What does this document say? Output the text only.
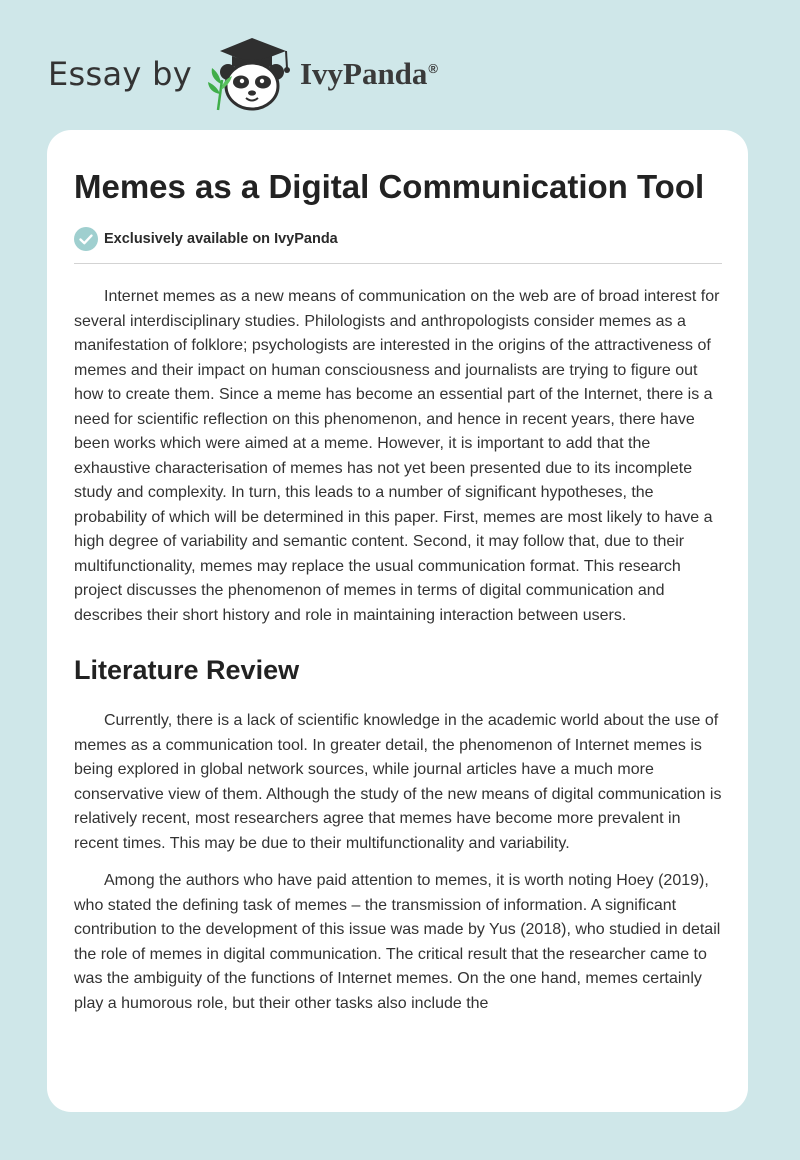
Essay by	IvyPanda®
Memes as a Digital Communication Tool
Exclusively available on IvyPanda

Internet memes as a new means of communication on the web are of broad interest for several interdisciplinary studies. Philologists and anthropologists consider memes as a manifestation of folklore; psychologists are interested in the origins of the attractiveness of memes and their impact on human consciousness and journalists are trying to figure out how to create them. Since a meme has become an essential part of the Internet, there is a need for scientific reflection on this phenomenon, and hence in recent years, there have been works which were aimed at a meme. However, it is important to add that the exhaustive characterisation of memes has not yet been presented due to its incomplete study and complexity. In turn, this leads to a number of significant hypotheses, the probability of which will be determined in this paper. First, memes are most likely to have a high degree of variability and semantic content. Second, it may follow that, due to their multifunctionality, memes may replace the usual communication format. This research project discusses the phenomenon of memes in terms of digital communication and describes their short history and role in maintaining interaction between users.

Literature Review

Currently, there is a lack of scientific knowledge in the academic world about the use of memes as a communication tool. In greater detail, the phenomenon of Internet memes is being explored in global network sources, while journal articles have a much more conservative view of them. Although the study of the new means of digital communication is relatively recent, most researchers agree that memes have become more prevalent in recent times. This may be due to their multifunctionality and variability.

Among the authors who have paid attention to memes, it is worth noting Hoey (2019), who stated the defining task of memes – the transmission of information. A significant contribution to the development of this issue was made by Yus (2018), who studied in detail the role of memes in digital communication. The critical result that the researcher came to was the ambiguity of the functions of Internet memes. On the one hand, memes certainly play a humorous role, but their other tasks also include the
